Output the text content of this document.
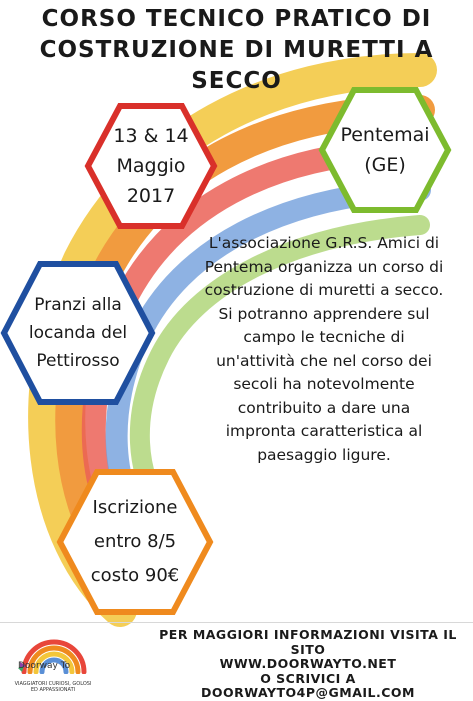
CORSO TECNICO PRATICO DI
COSTRUZIONE DI MURETTI A
SECCO
13 & 14
Maggio
2017
Pentemai
(GE)
Pranzi alla
locanda del
Pettirosso
Iscrizione
entro 8/5
costo 90€
L'associazione G.R.S. Amici di
Pentema organizza un corso di
costruzione di muretti a secco.
Si potranno apprendere sul
campo le tecniche di
un'attività che nel corso dei
secoli ha notevolmente
contribuito a dare una
impronta caratteristica al
paesaggio ligure.
Doorway To
VIAGGIATORI CURIOSI, GOLOSI
ED APPASSIONATI
PER MAGGIORI INFORMAZIONI VISITA IL SITO
WWW.DOORWAYTO.NET
O SCRIVICI A
DOORWAYTO4P@GMAIL.COM
